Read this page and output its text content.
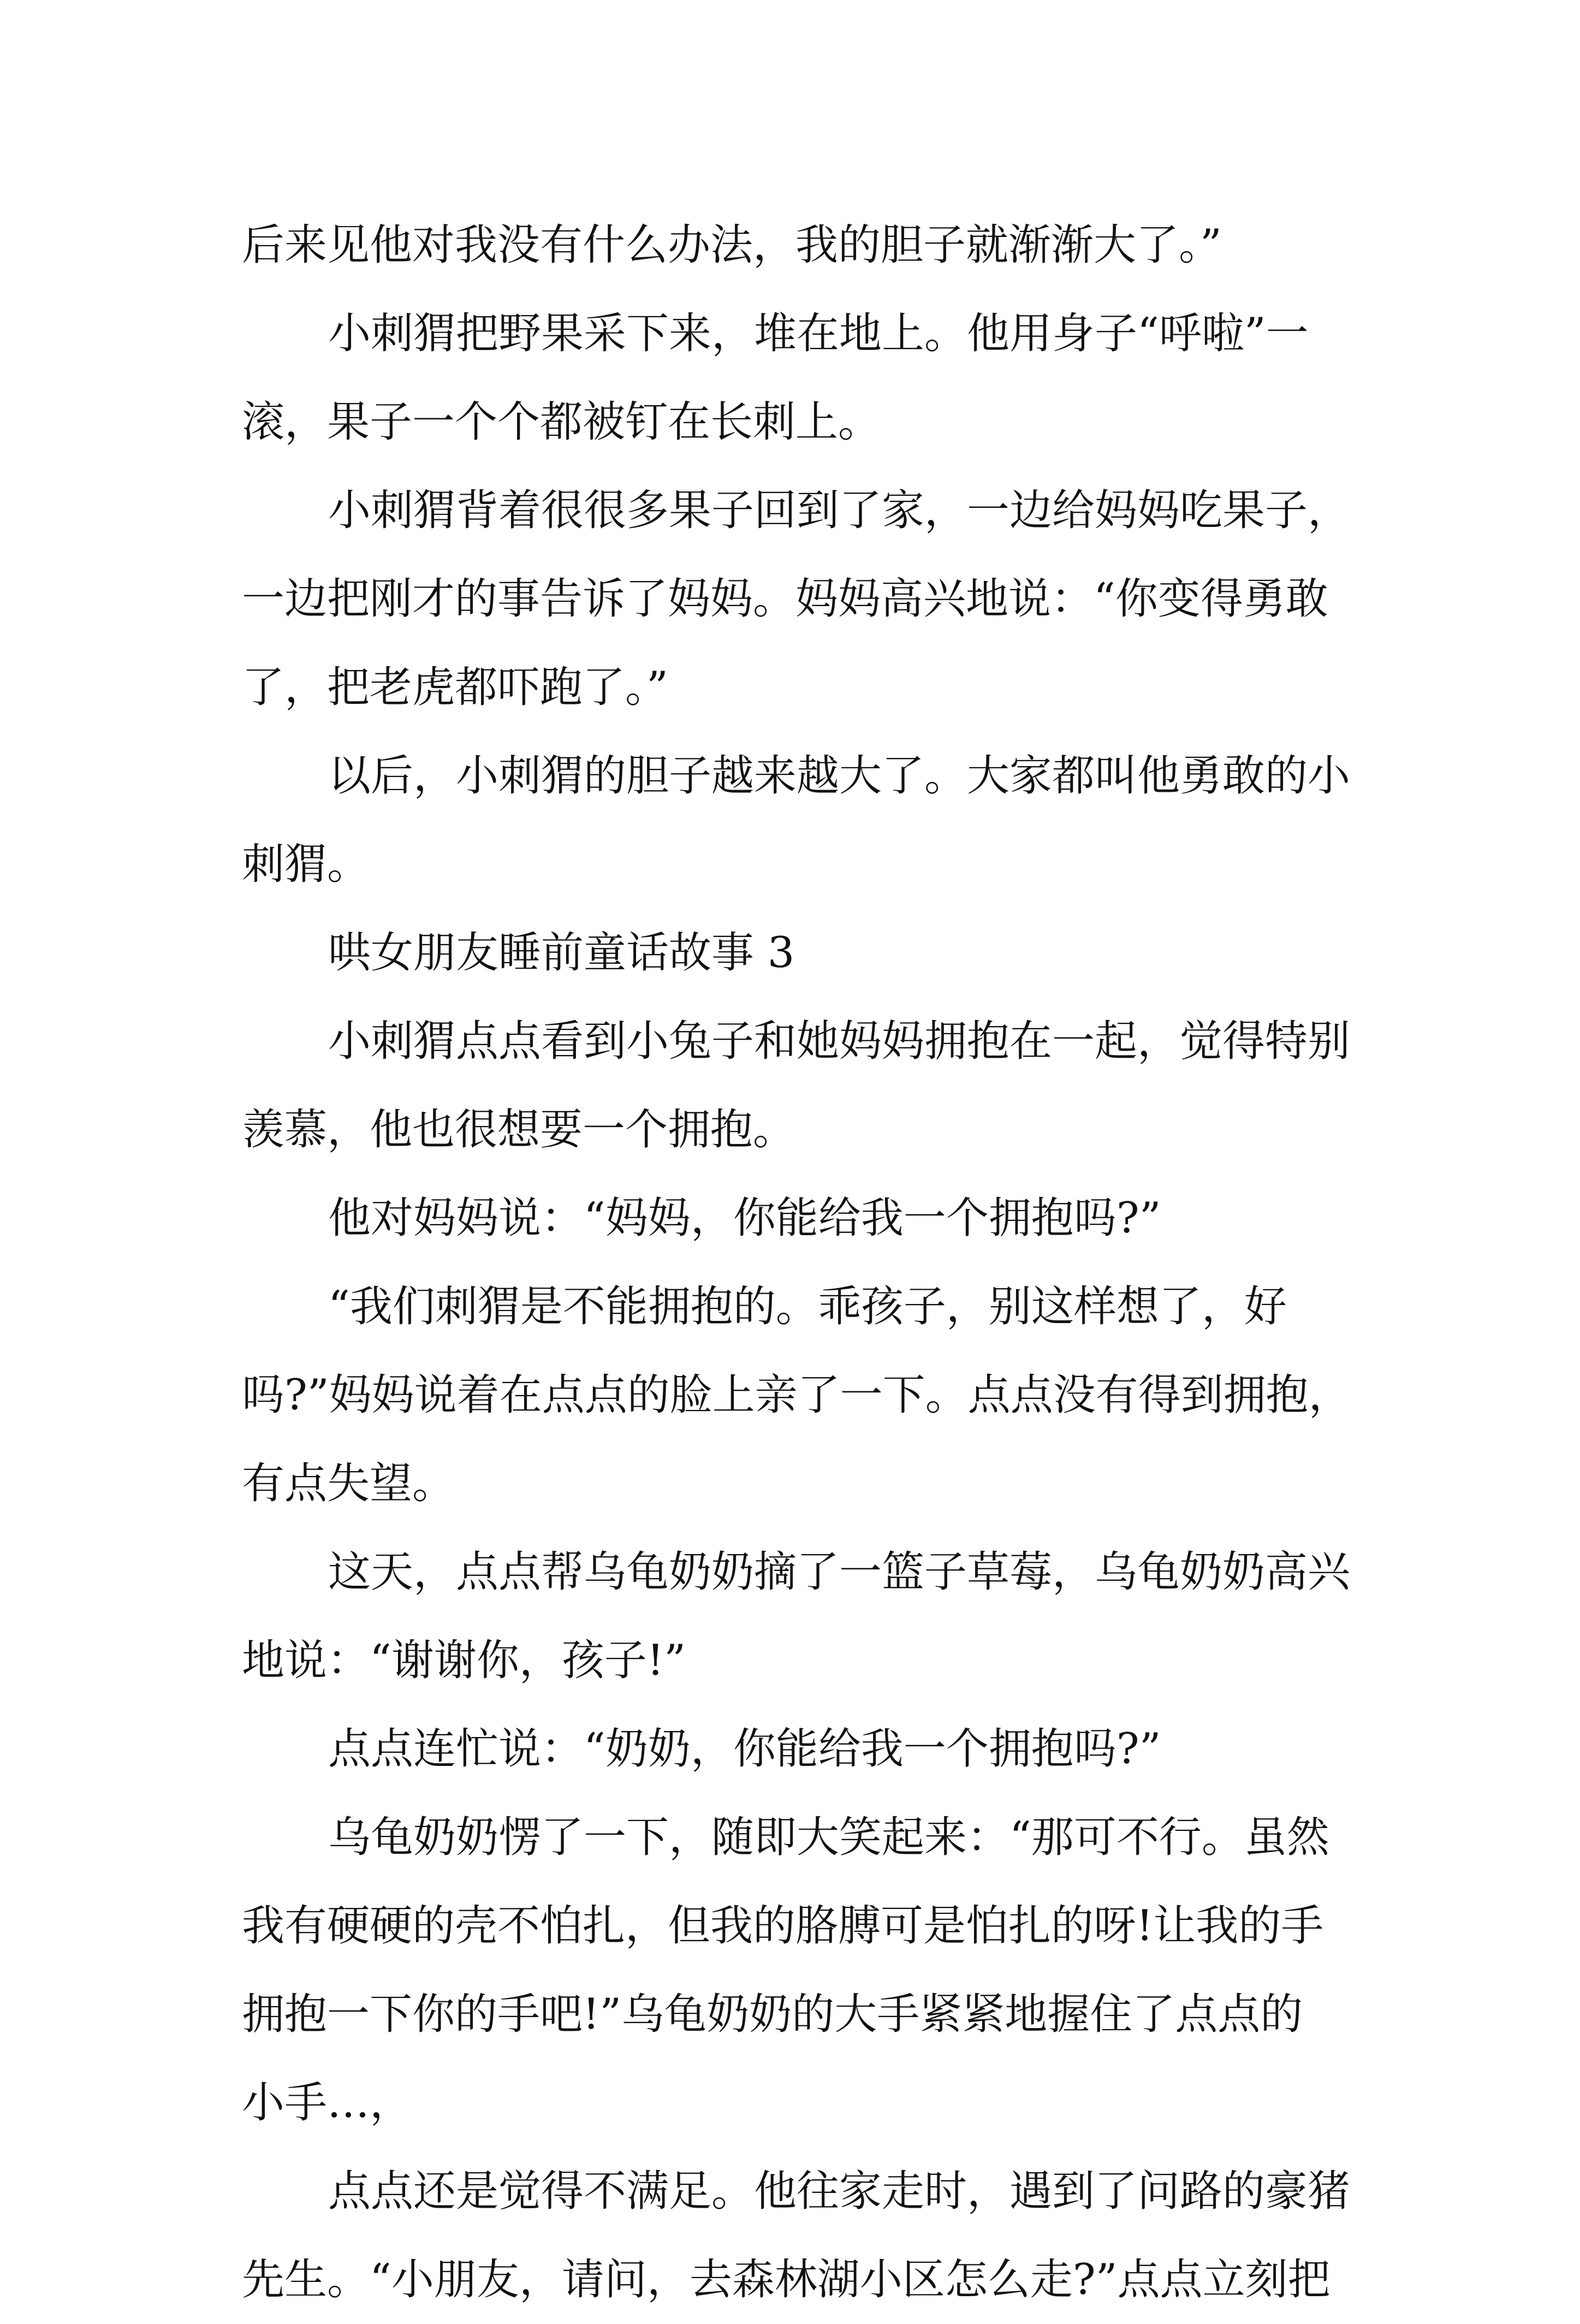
后来见他对我没有什么办法，我的胆子就渐渐大了。”
小刺猬把野果采下来，堆在地上。他用身子“呼啦”一
滚，果子一个个都被钉在长刺上。
小刺猬背着很很多果子回到了家，一边给妈妈吃果子，
一边把刚才的事告诉了妈妈。妈妈高兴地说：“你变得勇敢
了，把老虎都吓跑了。”
以后，小刺猬的胆子越来越大了。大家都叫他勇敢的小
刺猬。
哄女朋友睡前童话故事 3
小刺猬点点看到小兔子和她妈妈拥抱在一起，觉得特别
羡慕，他也很想要一个拥抱。
他对妈妈说：“妈妈，你能给我一个拥抱吗?”
“我们刺猬是不能拥抱的。乖孩子，别这样想了，好
吗?”妈妈说着在点点的脸上亲了一下。点点没有得到拥抱，
有点失望。
这天，点点帮乌龟奶奶摘了一篮子草莓，乌龟奶奶高兴
地说：“谢谢你，孩子!”
点点连忙说：“奶奶，你能给我一个拥抱吗?”
乌龟奶奶愣了一下，随即大笑起来：“那可不行。虽然
我有硬硬的壳不怕扎，但我的胳膊可是怕扎的呀!让我的手
拥抱一下你的手吧!”乌龟奶奶的大手紧紧地握住了点点的
小手…，
点点还是觉得不满足。他往家走时，遇到了问路的豪猪
先生。“小朋友，请问，去森林湖小区怎么走?”点点立刻把
